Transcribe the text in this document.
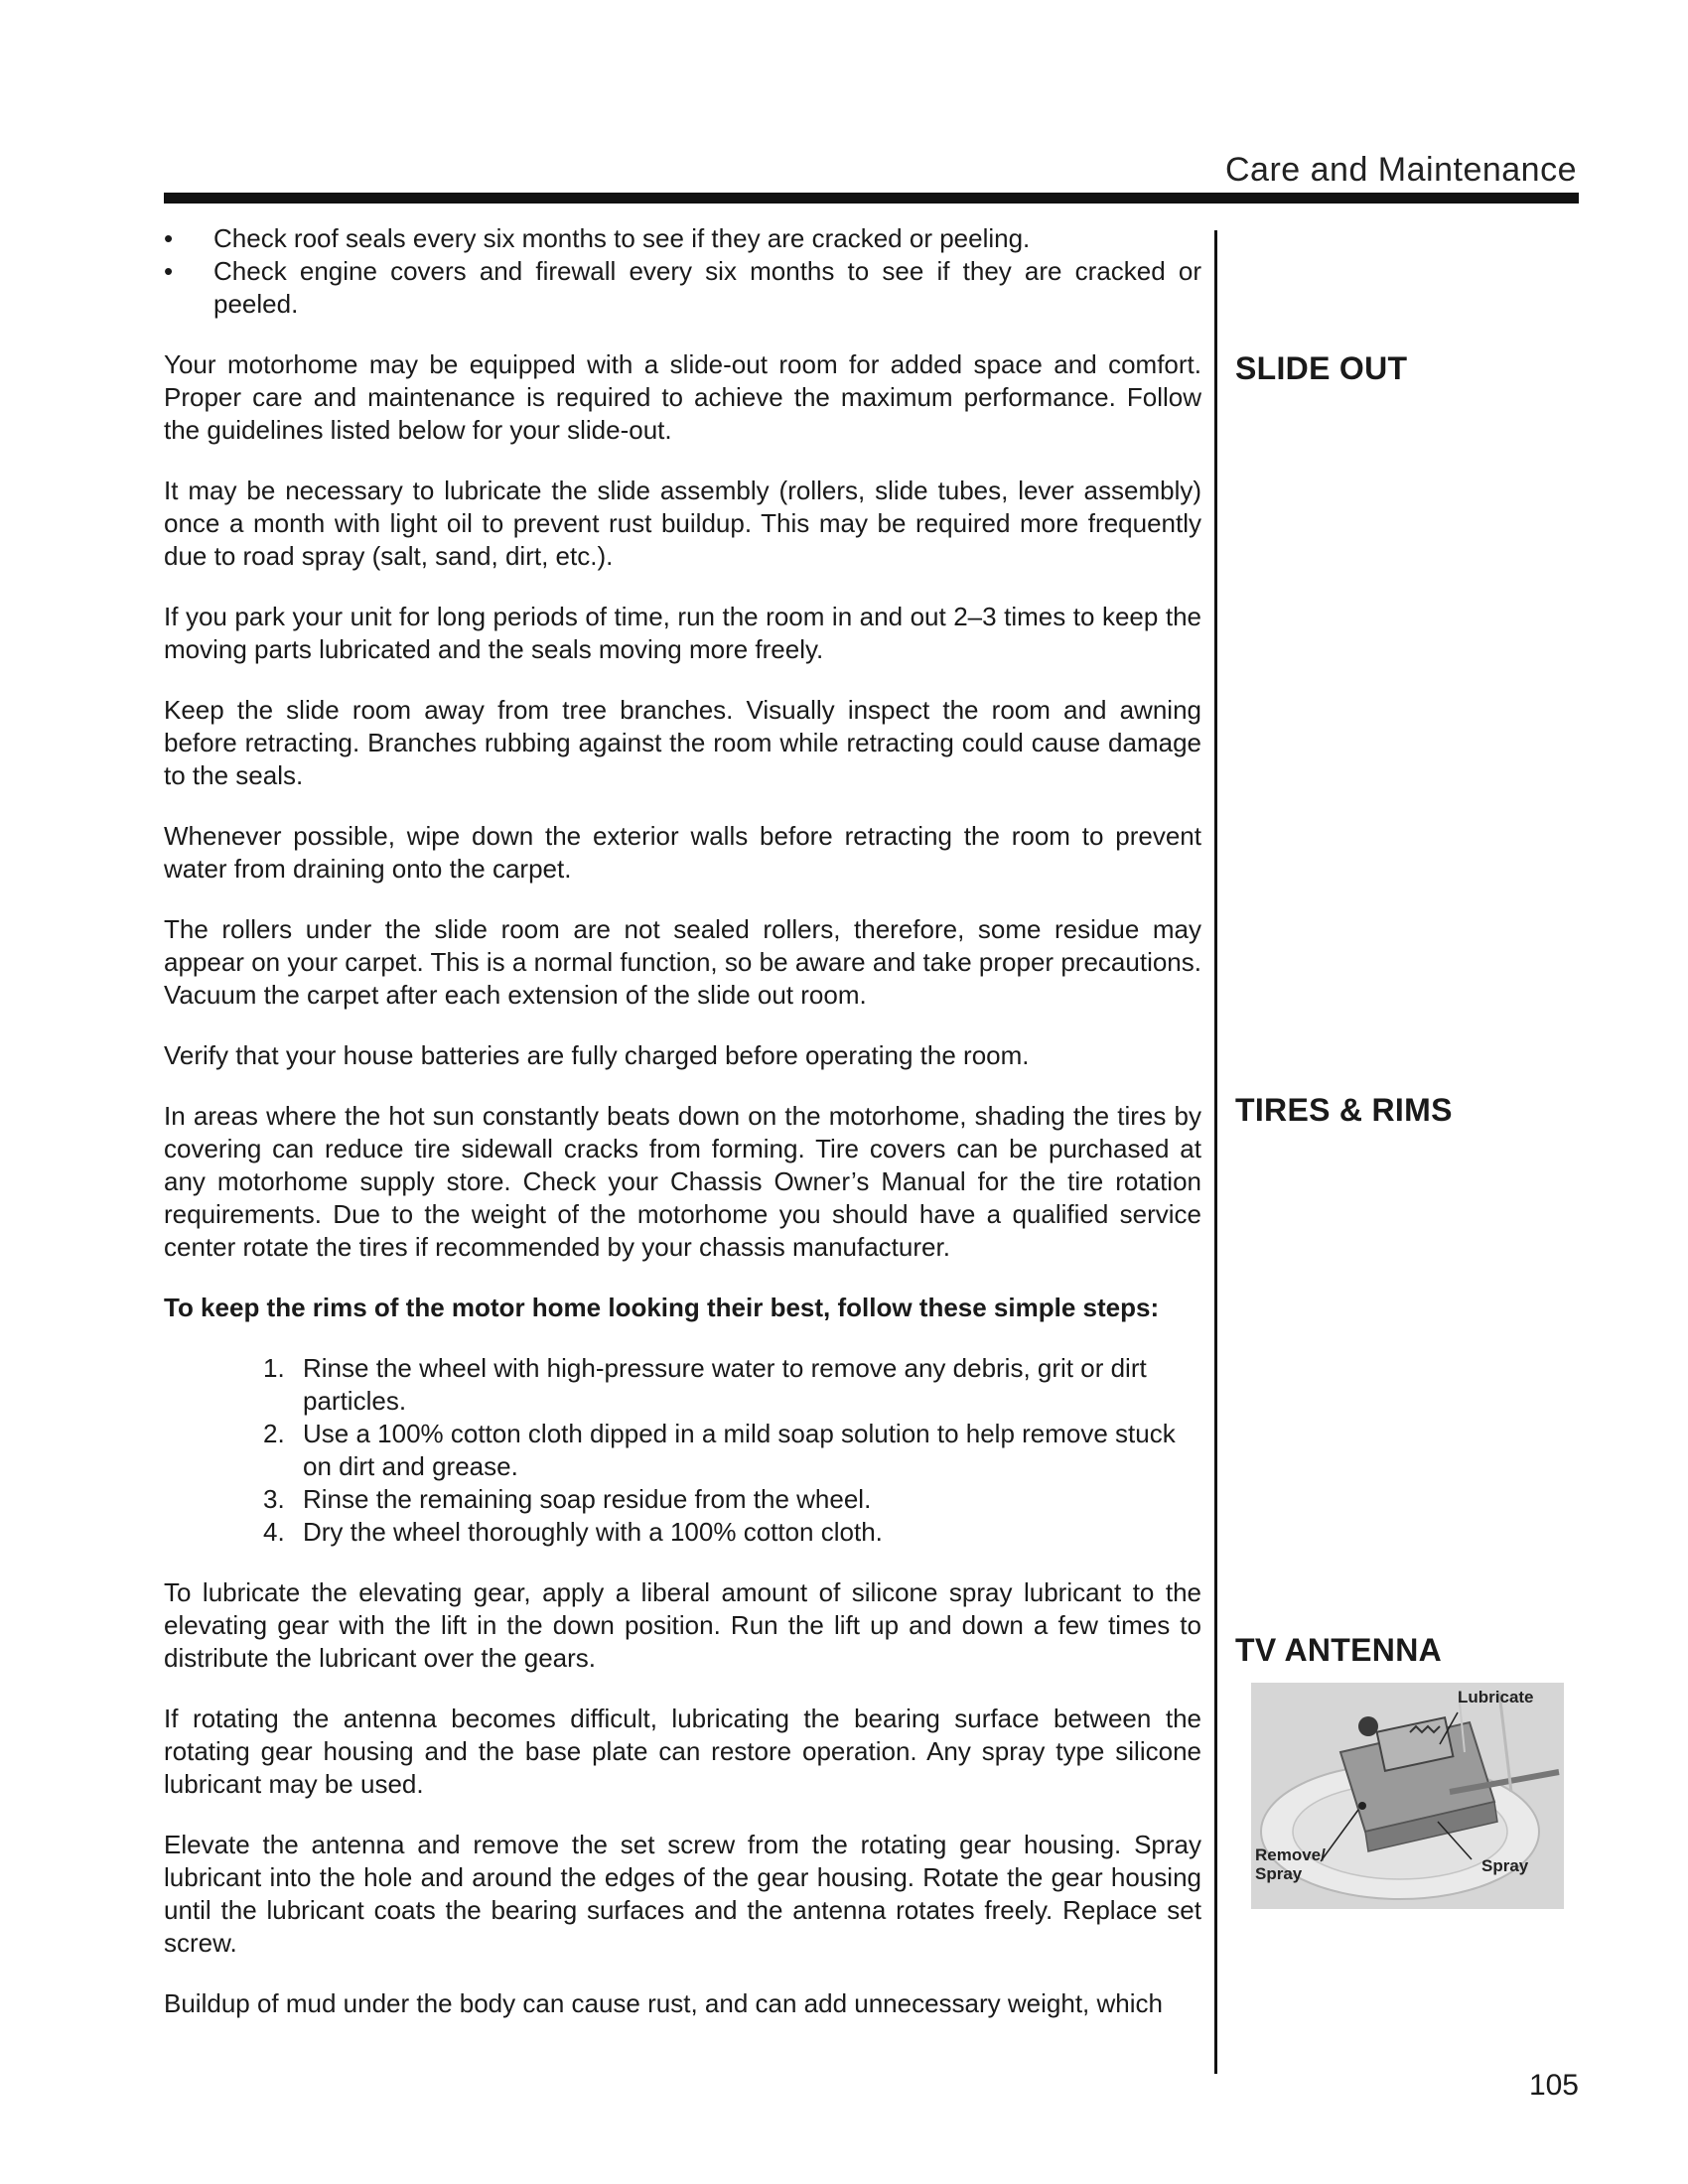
Care and Maintenance
• Check roof seals every six months to see if they are cracked or peeling.
• Check engine covers and firewall every six months to see if they are cracked or peeled.

Your motorhome may be equipped with a slide-out room for added space and comfort. Proper care and maintenance is required to achieve the maximum performance. Follow the guidelines listed below for your slide-out.

It may be necessary to lubricate the slide assembly (rollers, slide tubes, lever assembly) once a month with light oil to prevent rust buildup. This may be required more frequently due to road spray (salt, sand, dirt, etc.).

If you park your unit for long periods of time, run the room in and out 2–3 times to keep the moving parts lubricated and the seals moving more freely.

Keep the slide room away from tree branches. Visually inspect the room and awning before retracting. Branches rubbing against the room while retracting could cause damage to the seals.

Whenever possible, wipe down the exterior walls before retracting the room to prevent water from draining onto the carpet.

The rollers under the slide room are not sealed rollers, therefore, some residue may appear on your carpet. This is a normal function, so be aware and take proper precautions. Vacuum the carpet after each extension of the slide out room.

Verify that your house batteries are fully charged before operating the room.

In areas where the hot sun constantly beats down on the motorhome, shading the tires by covering can reduce tire sidewall cracks from forming. Tire covers can be purchased at any motorhome supply store. Check your Chassis Owner’s Manual for the tire rotation requirements. Due to the weight of the motorhome you should have a qualified service center rotate the tires if recommended by your chassis manufacturer.

To keep the rims of the motor home looking their best, follow these simple steps:

1. Rinse the wheel with high-pressure water to remove any debris, grit or dirt particles.
2. Use a 100% cotton cloth dipped in a mild soap solution to help remove stuck on dirt and grease.
3. Rinse the remaining soap residue from the wheel.
4. Dry the wheel thoroughly with a 100% cotton cloth.

To lubricate the elevating gear, apply a liberal amount of silicone spray lubricant to the elevating gear with the lift in the down position. Run the lift up and down a few times to distribute the lubricant over the gears.

If rotating the antenna becomes difficult, lubricating the bearing surface between the rotating gear housing and the base plate can restore operation. Any spray type silicone lubricant may be used.

Elevate the antenna and remove the set screw from the rotating gear housing. Spray lubricant into the hole and around the edges of the gear housing. Rotate the gear housing until the lubricant coats the bearing surfaces and the antenna rotates freely. Replace set screw.

Buildup of mud under the body can cause rust, and can add unnecessary weight, which

SLIDE OUT
TIRES & RIMS
TV ANTENNA
Lubricate
Remove/
Spray	Spray
105
